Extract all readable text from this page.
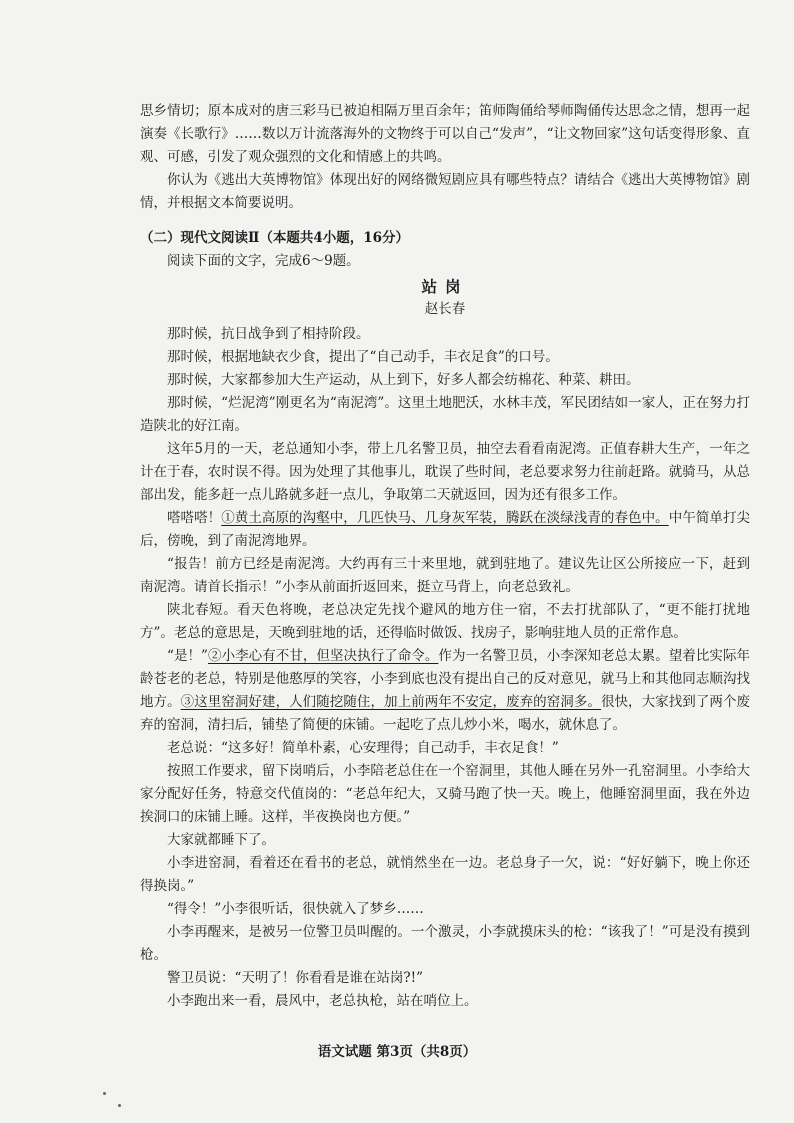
思乡情切；原本成对的唐三彩马已被迫相隔万里百余年；笛师陶俑给琴师陶俑传达思念之情，想再一起演奏《长歌行》……数以万计流落海外的文物终于可以自己“发声”，“让文物回家”这句话变得形象、直观、可感，引发了观众强烈的文化和情感上的共鸣。

你认为《逃出大英博物馆》体现出好的网络微短剧应具有哪些特点？请结合《逃出大英博物馆》剧情，并根据文本简要说明。

（二）现代文阅读Ⅱ（本题共4小题，16分）

阅读下面的文字，完成6～9题。

站岗

赵长春

那时候，抗日战争到了相持阶段。

那时候，根据地缺衣少食，提出了“自己动手，丰衣足食”的口号。

那时候，大家都参加大生产运动，从上到下，好多人都会纺棉花、种菜、耕田。

那时候，“烂泥湾”刚更名为“南泥湾”。这里土地肥沃，水林丰茂，军民团结如一家人，正在努力打造陕北的好江南。

这年5月的一天，老总通知小李，带上几名警卫员，抽空去看看南泥湾。正值春耕大生产，一年之计在于春，农时误不得。因为处理了其他事儿，耽误了些时间，老总要求努力往前赶路。就骑马，从总部出发，能多赶一点儿路就多赶一点儿，争取第二天就返回，因为还有很多工作。

嗒嗒嗒！①黄土高原的沟壑中，几匹快马、几身灰军装，腾跃在淡绿浅青的春色中。中午简单打尖后，傍晚，到了南泥湾地界。

“报告！前方已经是南泥湾。大约再有三十来里地，就到驻地了。建议先让区公所接应一下，赶到南泥湾。请首长指示！”小李从前面折返回来，挺立马背上，向老总致礼。

陕北春短。看天色将晚，老总决定先找个避风的地方住一宿，不去打扰部队了，“更不能打扰地方”。老总的意思是，天晚到驻地的话，还得临时做饭、找房子，影响驻地人员的正常作息。

“是！”②小李心有不甘，但坚决执行了命令。作为一名警卫员，小李深知老总太累。望着比实际年龄苍老的老总，特别是他憨厚的笑容，小李到底也没有提出自己的反对意见，就马上和其他同志顺沟找地方。③这里窑洞好建，人们随挖随住，加上前两年不安定，废弃的窑洞多。很快，大家找到了两个废弃的窑洞，清扫后，铺垫了简便的床铺。一起吃了点儿炒小米，喝水，就休息了。

老总说：“这多好！简单朴素，心安理得；自己动手，丰衣足食！”

按照工作要求，留下岗哨后，小李陪老总住在一个窑洞里，其他人睡在另外一孔窑洞里。小李给大家分配好任务，特意交代值岗的：“老总年纪大，又骑马跑了快一天。晚上，他睡窑洞里面，我在外边挨洞口的床铺上睡。这样，半夜换岗也方便。”

大家就都睡下了。

小李进窑洞，看着还在看书的老总，就悄然坐在一边。老总身子一欠，说：“好好躺下，晚上你还得换岗。”

“得令！”小李很听话，很快就入了梦乡……

小李再醒来，是被另一位警卫员叫醒的。一个激灵，小李就摸床头的枪：“该我了！”可是没有摸到枪。

警卫员说：“天明了！你看看是谁在站岗?!”

小李跑出来一看，晨风中，老总执枪，站在哨位上。

语文试题 第3页（共8页）
